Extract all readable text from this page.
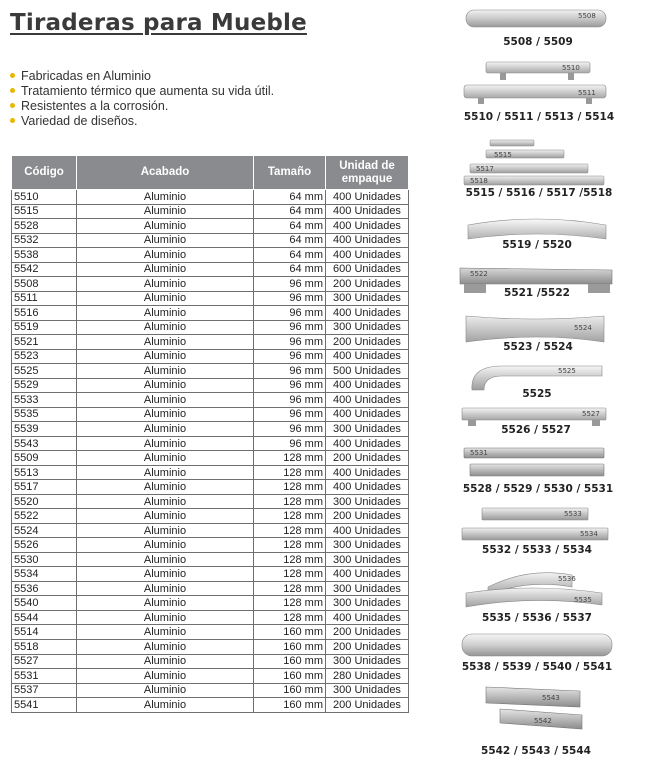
Tiraderas para Mueble
Fabricadas en Aluminio
Tratamiento térmico que aumenta su vida útil.
Resistentes a la corrosión.
Variedad de diseños.
Código	Acabado	Tamaño	Unidad de empaque
5510	Aluminio	64 mm	400 Unidades
5515	Aluminio	64 mm	400 Unidades
5528	Aluminio	64 mm	400 Unidades
5532	Aluminio	64 mm	400 Unidades
5538	Aluminio	64 mm	400 Unidades
5542	Aluminio	64 mm	600 Unidades
5508	Aluminio	96 mm	200 Unidades
5511	Aluminio	96 mm	300 Unidades
5516	Aluminio	96 mm	400 Unidades
5519	Aluminio	96 mm	300 Unidades
5521	Aluminio	96 mm	200 Unidades
5523	Aluminio	96 mm	400 Unidades
5525	Aluminio	96 mm	500 Unidades
5529	Aluminio	96 mm	400 Unidades
5533	Aluminio	96 mm	400 Unidades
5535	Aluminio	96 mm	400 Unidades
5539	Aluminio	96 mm	300 Unidades
5543	Aluminio	96 mm	400 Unidades
5509	Aluminio	128 mm	200 Unidades
5513	Aluminio	128 mm	400 Unidades
5517	Aluminio	128 mm	400 Unidades
5520	Aluminio	128 mm	300 Unidades
5522	Aluminio	128 mm	200 Unidades
5524	Aluminio	128 mm	400 Unidades
5526	Aluminio	128 mm	300 Unidades
5530	Aluminio	128 mm	300 Unidades
5534	Aluminio	128 mm	400 Unidades
5536	Aluminio	128 mm	300 Unidades
5540	Aluminio	128 mm	300 Unidades
5544	Aluminio	128 mm	400 Unidades
5514	Aluminio	160 mm	200 Unidades
5518	Aluminio	160 mm	200 Unidades
5527	Aluminio	160 mm	300 Unidades
5531	Aluminio	160 mm	280 Unidades
5537	Aluminio	160 mm	300 Unidades
5541	Aluminio	160 mm	200 Unidades
5508
5508 / 5509
5510
5511
5510 / 5511 / 5513 / 5514
5515
5517
5518
5515 / 5516 / 5517 /5518
5519 / 5520
5522
5521 /5522
5524
5523 / 5524
5525
5525
5527
5526 / 5527
5531
5528 / 5529 / 5530 / 5531
5533
5534
5532 / 5533 / 5534
5536
5535
5535 / 5536 / 5537
5538 / 5539 / 5540 / 5541
5543
5542
5542 / 5543 / 5544
